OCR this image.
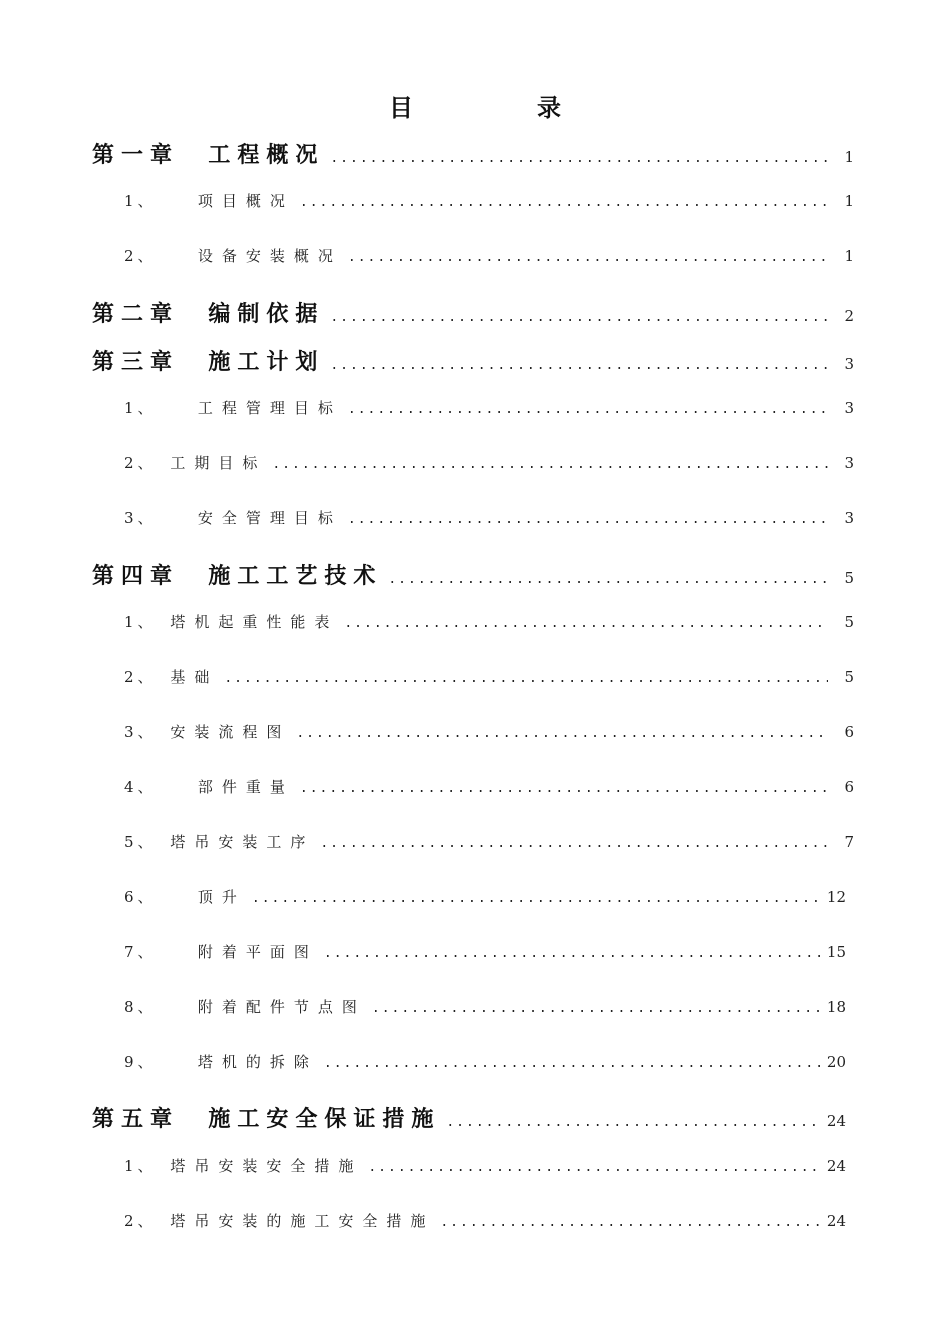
目　录
第一章 工程概况 .....	1
1、	项目概况 .....	1
2、	设备安装概况 .....	1
第二章 编制依据 .....	2
第三章 施工计划 .....	3
1、	工程管理目标 .....	3
2、 工期目标 .....	3
3、	安全管理目标 .....	3
第四章 施工工艺技术 .....	5
1、 塔机起重性能表 .....	5
2、 基础 .....	5
3、 安装流程图 .....	6
4、	部件重量 .....	6
5、 塔吊安装工序 .....	7
6、	顶升 .....	12
7、	附着平面图 .....	15
8、	附着配件节点图 .....	18
9、	塔机的拆除 .....	20
第五章 施工安全保证措施 .....	24
1、 塔吊安装安全措施 .....	24
2、 塔吊安装的施工安全措施 .....	24
